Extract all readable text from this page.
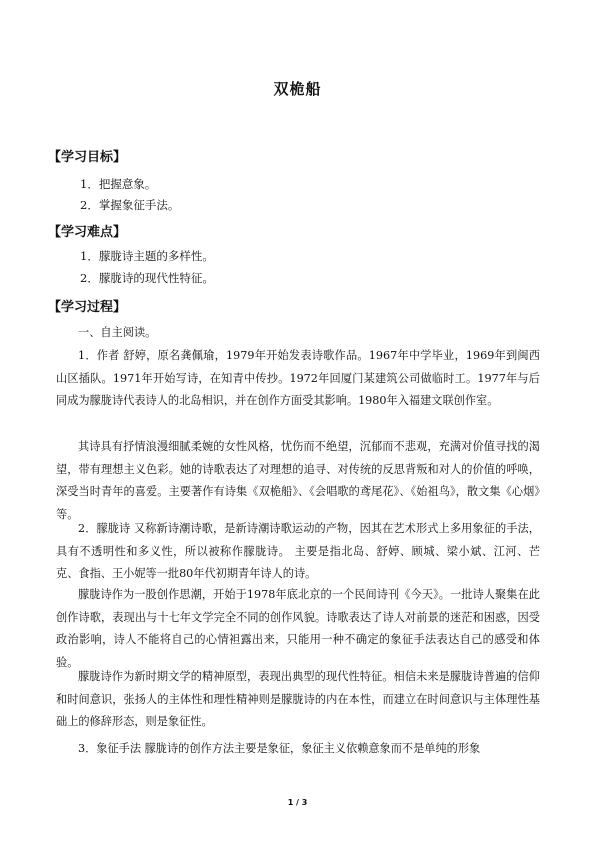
双桅船
【学习目标】
1．把握意象。
2．掌握象征手法。
【学习难点】
1．朦胧诗主题的多样性。
2．朦胧诗的现代性特征。
【学习过程】

一、自主阅读。

1．作者 舒婷，原名龚佩瑜，1979年开始发表诗歌作品。1967年中学毕业，1969年到闽西山区插队。1971年开始写诗，在知青中传抄。1972年回厦门某建筑公司做临时工。1977年与后同成为朦胧诗代表诗人的北岛相识，并在创作方面受其影响。1980年入福建文联创作室。

其诗具有抒情浪漫细腻柔婉的女性风格，忧伤而不绝望，沉郁而不悲观，充满对价值寻找的渴望，带有理想主义色彩。她的诗歌表达了对理想的追寻、对传统的反思背叛和对人的价值的呼唤，深受当时青年的喜爱。主要著作有诗集《双桅船》、《会唱歌的鸢尾花》、《始祖鸟》，散文集《心烟》等。

2．朦胧诗 又称新诗潮诗歌，是新诗潮诗歌运动的产物，因其在艺术形式上多用象征的手法，具有不透明性和多义性，所以被称作朦胧诗。 主要是指北岛、舒婷、顾城、梁小斌、江河、芒克、食指、王小妮等一批80年代初期青年诗人的诗。

朦胧诗作为一股创作思潮，开始于1978年底北京的一个民间诗刊《今天》。一批诗人聚集在此创作诗歌，表现出与十七年文学完全不同的创作风貌。诗歌表达了诗人对前景的迷茫和困惑，因受政治影响，诗人不能将自己的心情袒露出来，只能用一种不确定的象征手法表达自己的感受和体验。

朦胧诗作为新时期文学的精神原型，表现出典型的现代性特征。相信未来是朦胧诗普遍的信仰和时间意识，张扬人的主体性和理性精神则是朦胧诗的内在本性，而建立在时间意识与主体理性基础上的修辞形态，则是象征性。

3．象征手法 朦胧诗的创作方法主要是象征，象征主义依赖意象而不是单纯的形象

1 / 3
